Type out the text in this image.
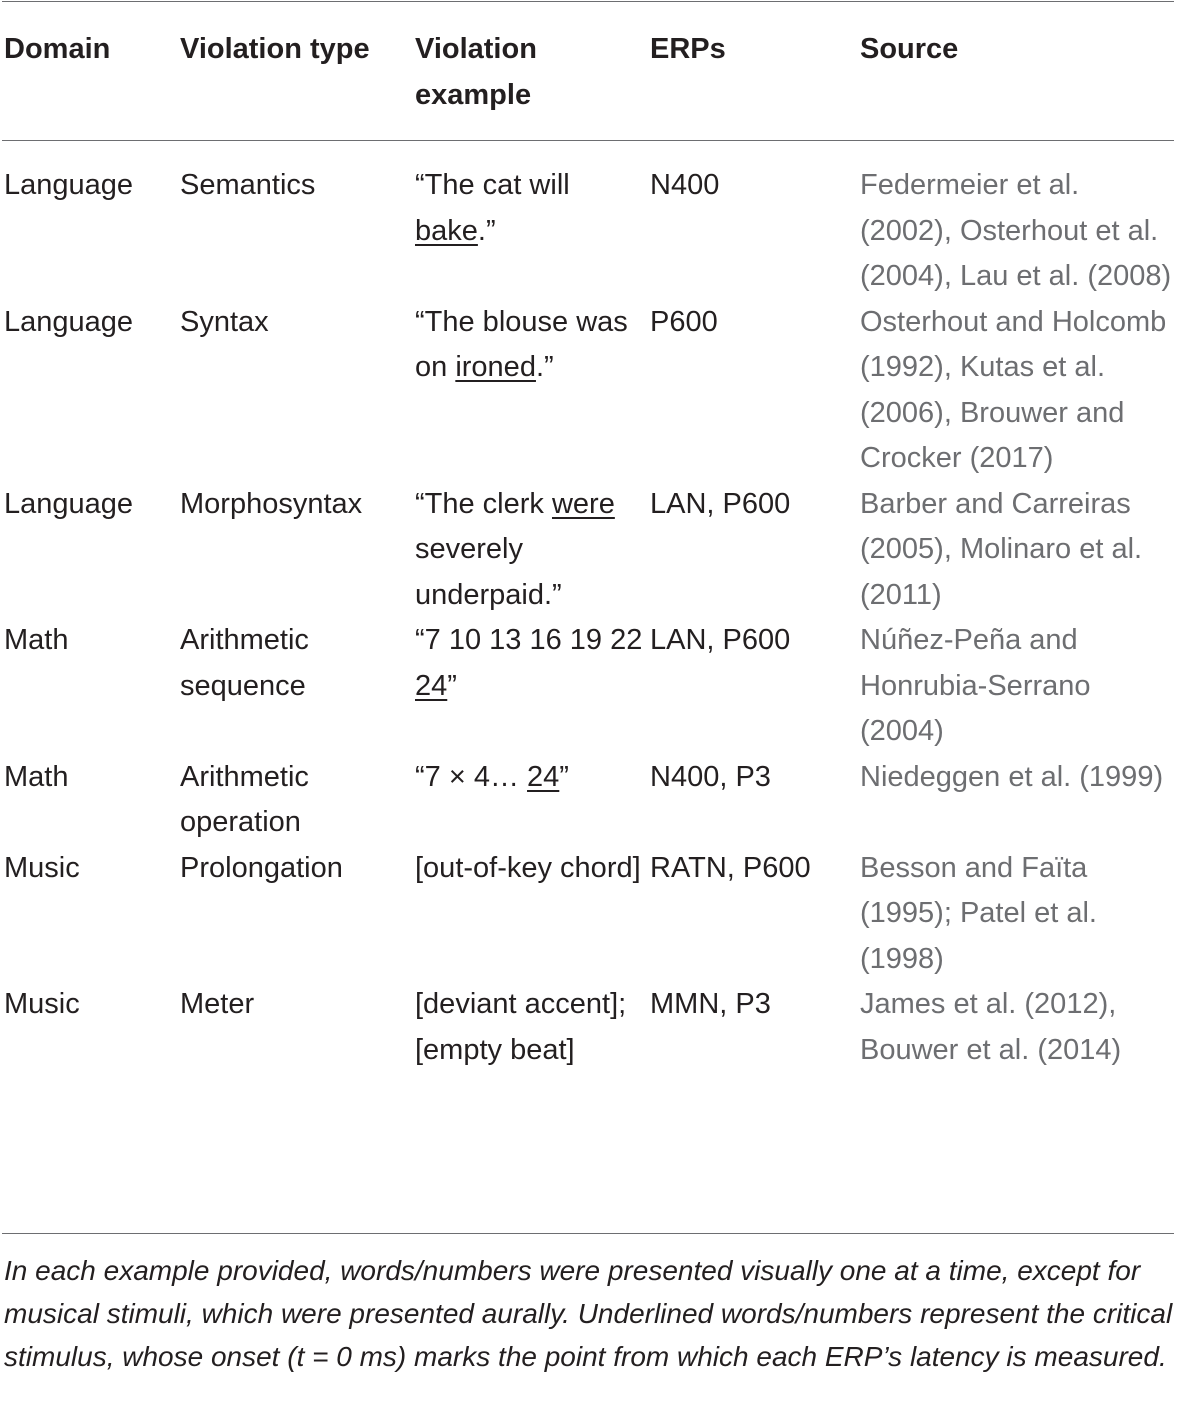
Domain	Violation type	Violation example	ERPs	Source
Language	Semantics	“The cat will bake.”	N400	Federmeier et al. (2002), Osterhout et al. (2004), Lau et al. (2008)
Language	Syntax	“The blouse was on ironed.”	P600	Osterhout and Holcomb (1992), Kutas et al. (2006), Brouwer and Crocker (2017)
Language	Morphosyntax	“The clerk were severely underpaid.”	LAN, P600	Barber and Carreiras (2005), Molinaro et al. (2011)
Math	Arithmetic sequence	“7 10 13 16 19 22 24”	LAN, P600	Núñez-Peña and Honrubia-Serrano (2004)
Math	Arithmetic operation	“7 × 4… 24”	N400, P3	Niedeggen et al. (1999)
Music	Prolongation	[out-of-key chord]	RATN, P600	Besson and Faïta (1995); Patel et al. (1998)
Music	Meter	[deviant accent]; [empty beat]	MMN, P3	James et al. (2012), Bouwer et al. (2014)

In each example provided, words/numbers were presented visually one at a time, except for musical stimuli, which were presented aurally. Underlined words/numbers represent the critical stimulus, whose onset (t = 0 ms) marks the point from which each ERP’s latency is measured.
